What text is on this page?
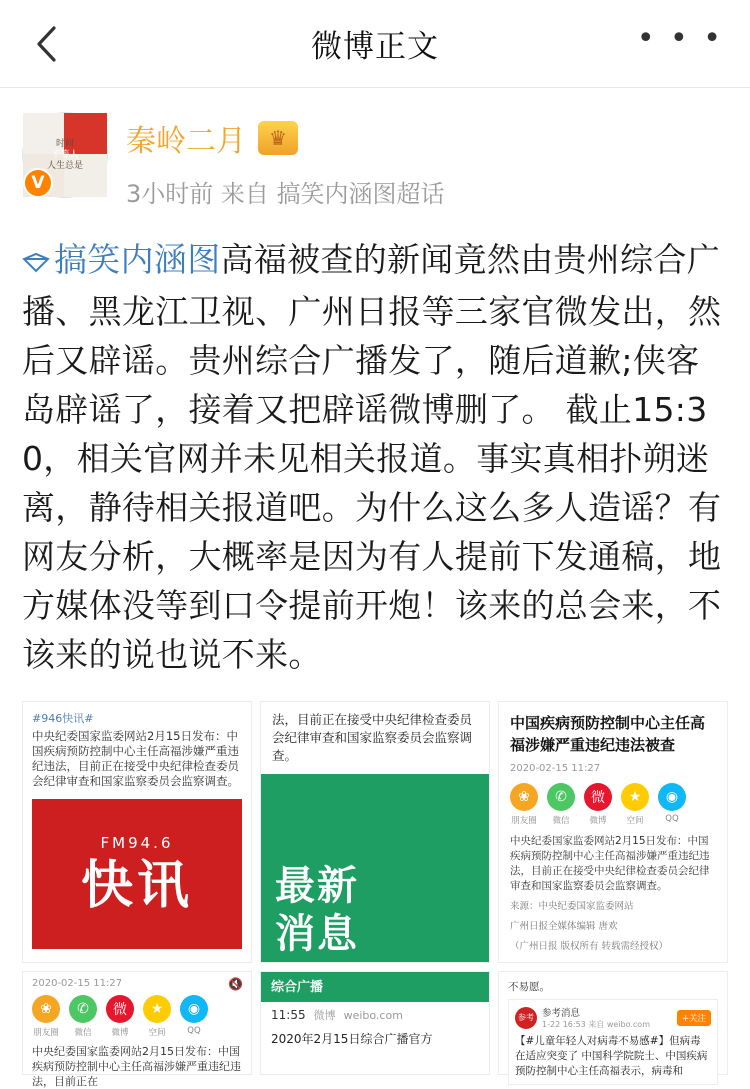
微博正文	• • •
时间
不等人
人生总是
V
秦岭二月	♛
3小时前 来自 搞笑内涵图超话
搞笑内涵图高福被查的新闻竟然由贵州综合广播、黑龙江卫视、广州日报等三家官微发出，然后又辟谣。贵州综合广播发了，随后道歉;侠客岛辟谣了，接着又把辟谣微博删了。 截止15:30，相关官网并未见相关报道。事实真相扑朔迷离，静待相关报道吧。为什么这么多人造谣？有网友分析，大概率是因为有人提前下发通稿，地方媒体没等到口令提前开炮！该来的总会来，不该来的说也说不来。
#946快讯#
中央纪委国家监委网站2月15日发布：中国疾病预防控制中心主任高福涉嫌严重违纪违法，目前正在接受中央纪律检查委员会纪律审查和国家监察委员会监察调查。
FM94.6
快讯
法，目前正在接受中央纪律检查委员会纪律审查和国家监察委员会监察调查。
最新
消息
中国疾病预防控制中心主任高福涉嫌严重违纪违法被查
2020-02-15 11:27
❀
朋友圈
✆
微信
微
微博
★
空间
◉
QQ
中央纪委国家监委网站2月15日发布：中国疾病预防控制中心主任高福涉嫌严重违纪违法，目前正在接受中央纪律检查委员会纪律审查和国家监察委员会监察调查。
来源：中央纪委国家监委网站
广州日报全媒体编辑 唐欢
（广州日报 版权所有 转载需经授权）
2020-02-15 11:27	🔇
❀
朋友圈
✆
微信
微
微博
★
空间
◉
QQ
中央纪委国家监委网站2月15日发布：中国疾病预防控制中心主任高福涉嫌严重违纪违法，目前正在
综合广播
11:55 微博 weibo.com
2020年2月15日综合广播官方
不易愿。
参考 参考消息
1-22 16:53 来自 weibo.com
+关注
【#儿童年轻人对病毒不易感#】但病毒在适应突变了 中国科学院院士、中国疾病预防控制中心主任高福表示，病毒和
